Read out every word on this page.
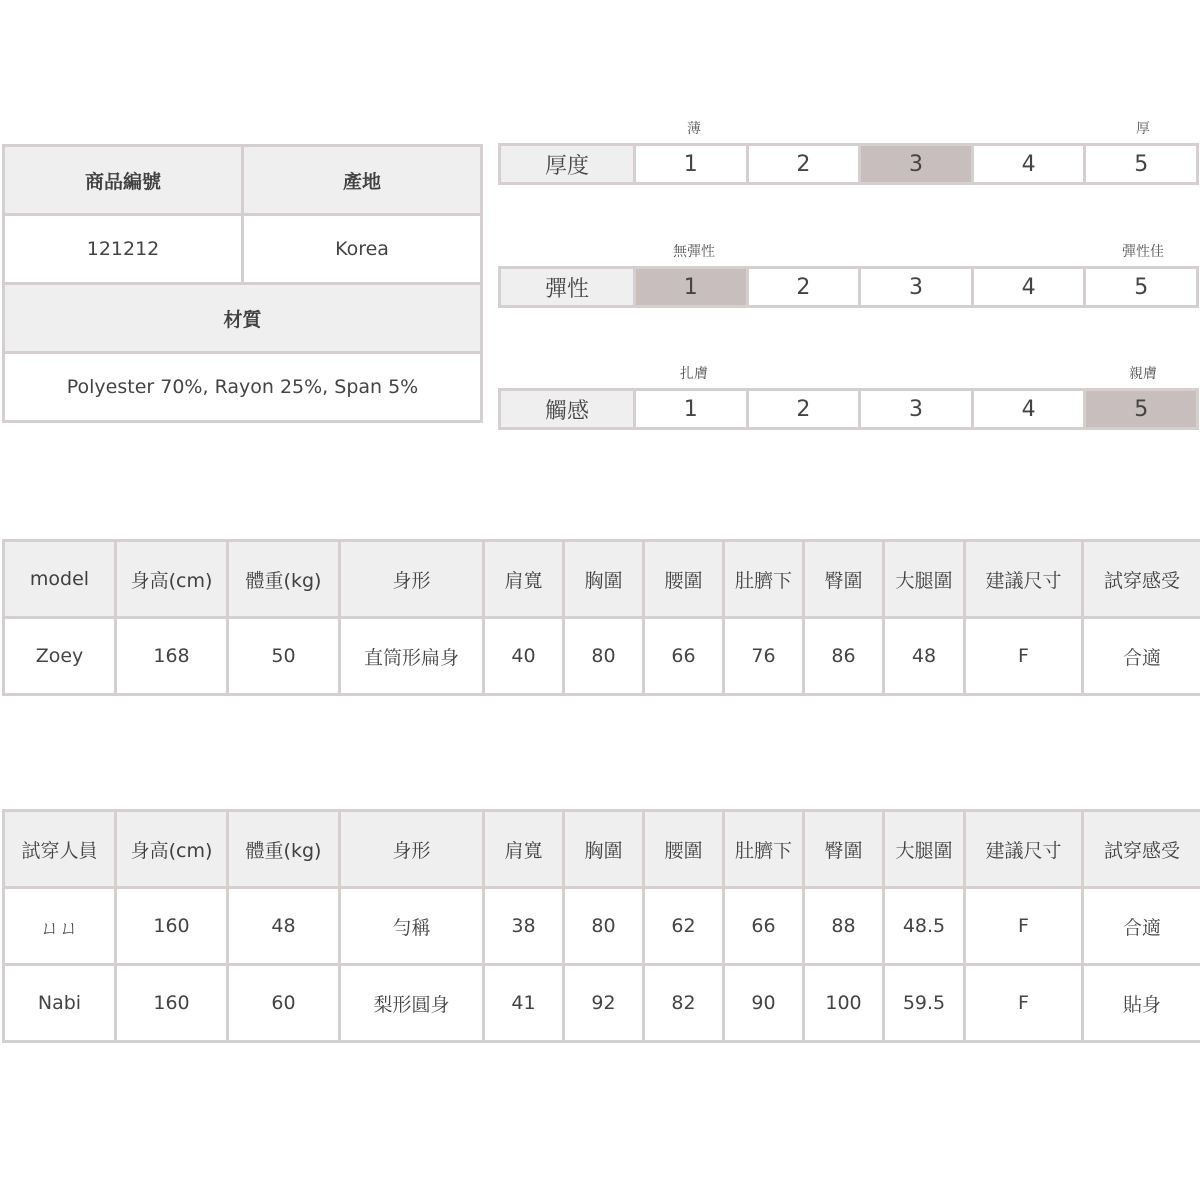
商品編號	產地
121212	Korea
材質	
Polyester 70%, Rayon 25%, Span 5%	
薄	厚
厚度	1	2	3	4	5
無彈性	彈性佳
彈性	1	2	3	4	5
扎膚	親膚
觸感	1	2	3	4	5
model	身高(cm)	體重(kg)	身形	肩寬	胸圍	腰圍	肚臍下	臀圍	大腿圍	建議尺寸	試穿感受
Zoey	168	50	直筒形扁身	40	80	66	76	86	48	F	合適
試穿人員	身高(cm)	體重(kg)	身形	肩寬	胸圍	腰圍	肚臍下	臀圍	大腿圍	建議尺寸	試穿感受
ㄩㄩ	160	48	勻稱	38	80	62	66	88	48.5	F	合適
Nabi	160	60	梨形圓身	41	92	82	90	100	59.5	F	貼身
